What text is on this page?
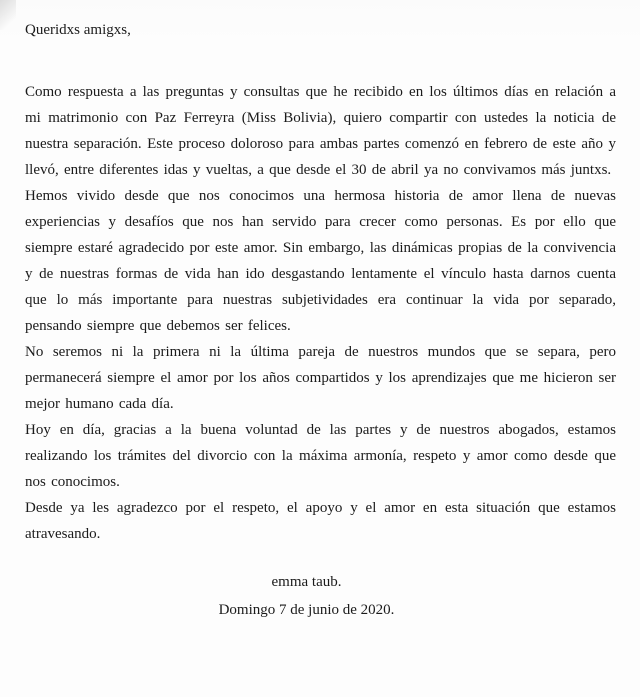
Queridxs amigxs,

Como respuesta a las preguntas y consultas que he recibido en los últimos días en relación a mi matrimonio con Paz Ferreyra (Miss Bolivia), quiero compartir con ustedes la noticia de nuestra separación. Este proceso doloroso para ambas partes comenzó en febrero de este año y llevó, entre diferentes idas y vueltas, a que desde el 30 de abril ya no convivamos más juntxs.

Hemos vivido desde que nos conocimos una hermosa historia de amor llena de nuevas experiencias y desafíos que nos han servido para crecer como personas. Es por ello que siempre estaré agradecido por este amor. Sin embargo, las dinámicas propias de la convivencia y de nuestras formas de vida han ido desgastando lentamente el vínculo hasta darnos cuenta que lo más importante para nuestras subjetividades era continuar la vida por separado, pensando siempre que debemos ser felices.

No seremos ni la primera ni la última pareja de nuestros mundos que se separa, pero permanecerá siempre el amor por los años compartidos y los aprendizajes que me hicieron ser mejor humano cada día.

Hoy en día, gracias a la buena voluntad de las partes y de nuestros abogados, estamos realizando los trámites del divorcio con la máxima armonía, respeto y amor como desde que nos conocimos.

Desde ya les agradezco por el respeto, el apoyo y el amor en esta situación que estamos atravesando.

emma taub.

Domingo 7 de junio de 2020.
